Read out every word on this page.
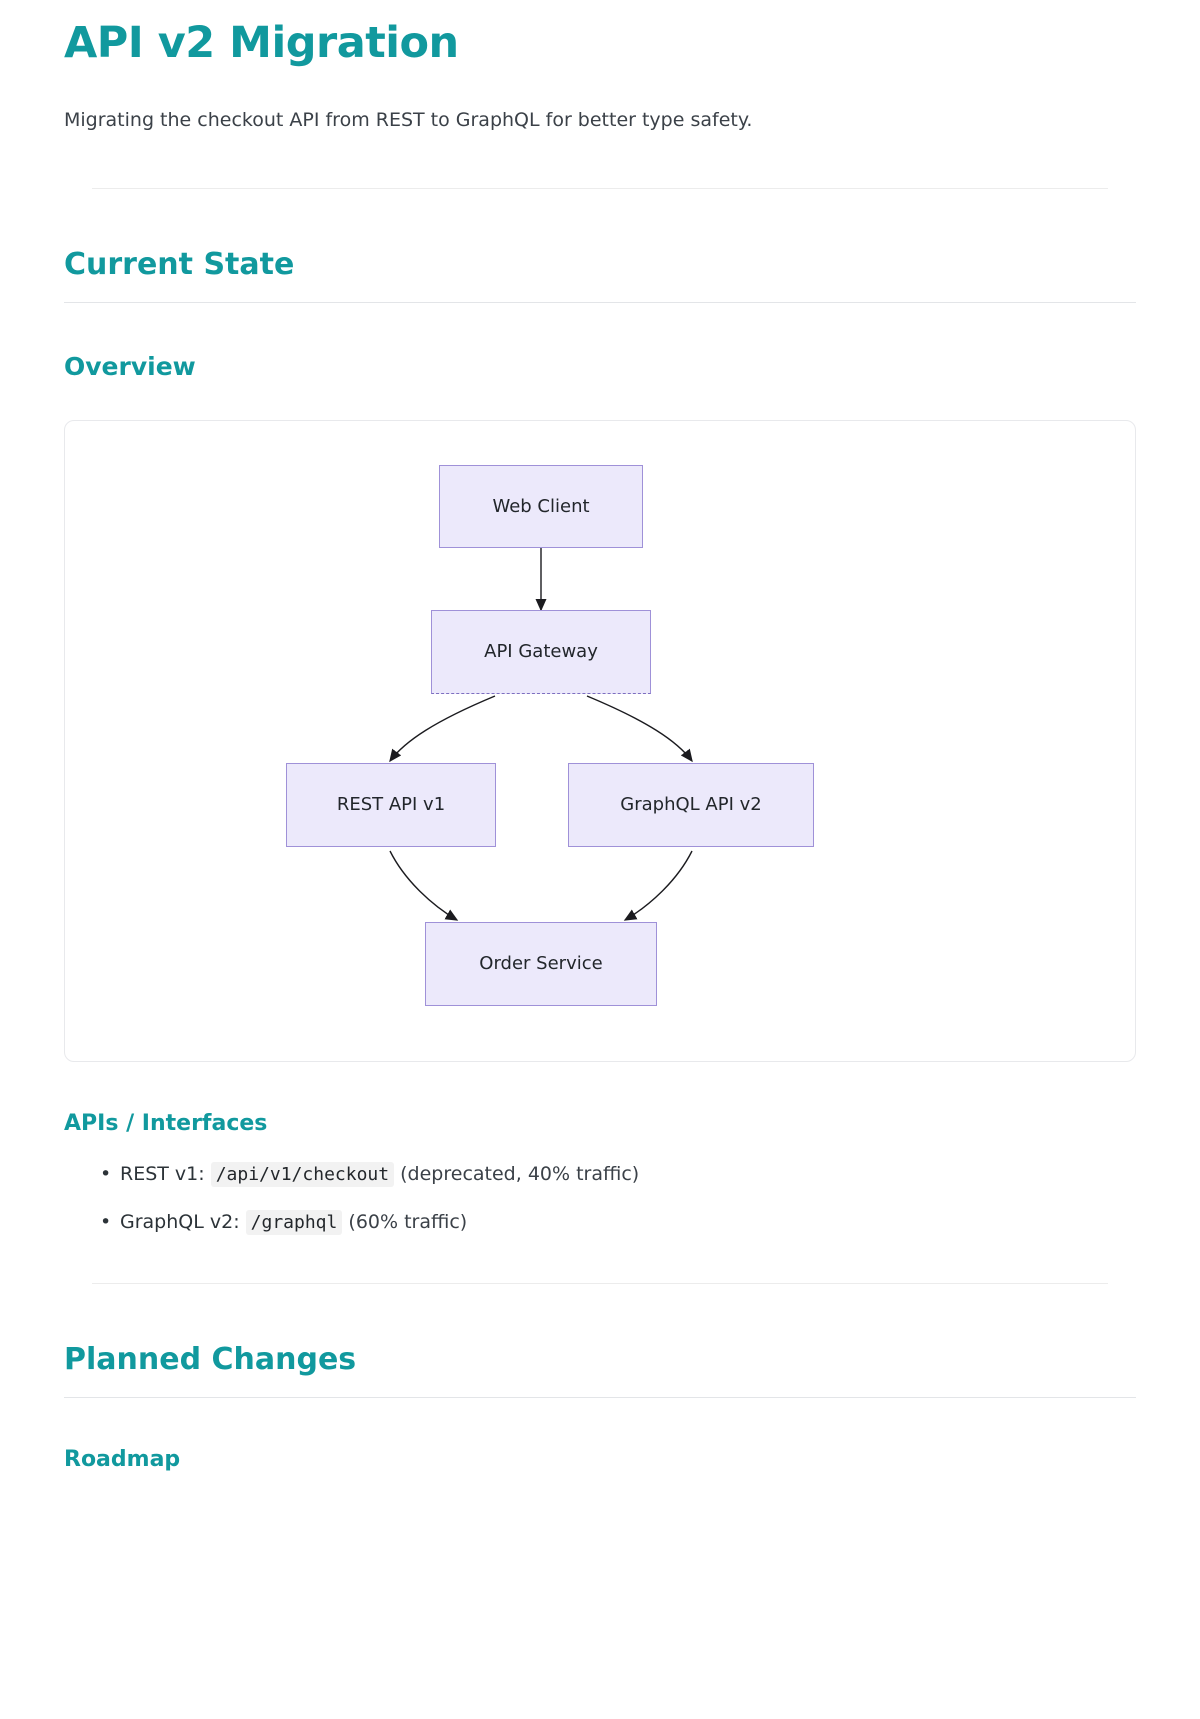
API v2 Migration

Migrating the checkout API from REST to GraphQL for better type safety.

Current State
Overview
Web Client
API Gateway
REST API v1	GraphQL API v2
Order Service
APIs / Interfaces
• REST v1: /api/v1/checkout (deprecated, 40% traffic)
• GraphQL v2: /graphql (60% traffic)
Planned Changes
Roadmap
